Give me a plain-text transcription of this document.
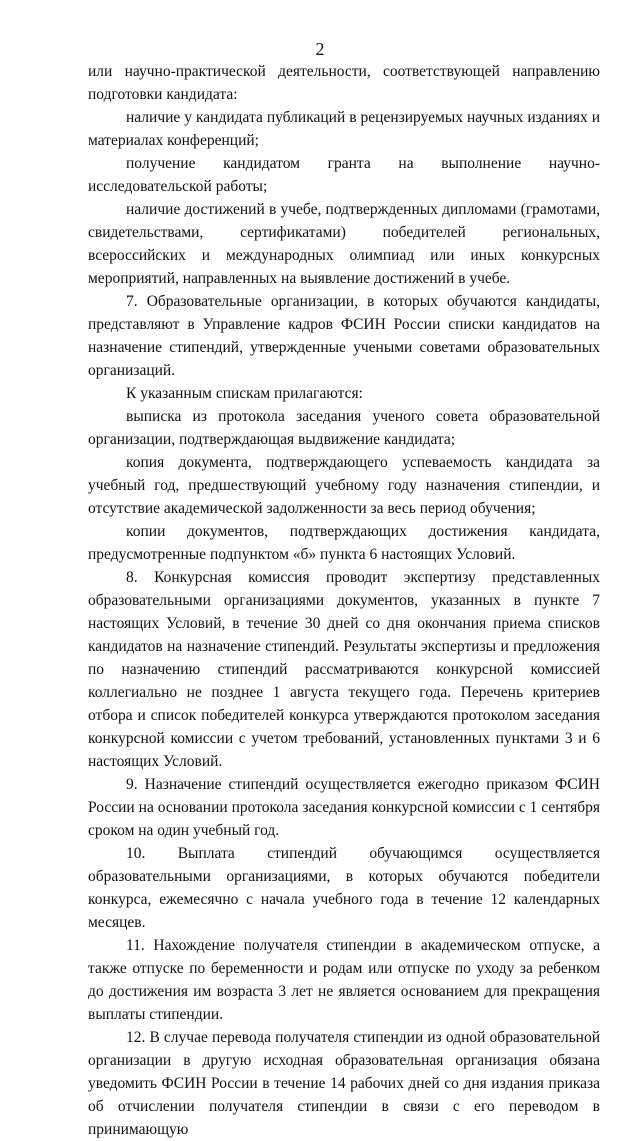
2

или научно-практической деятельности, соответствующей направлению подготовки кандидата:

наличие у кандидата публикаций в рецензируемых научных изданиях и материалах конференций;

получение кандидатом гранта на выполнение научно-исследовательской работы;

наличие достижений в учебе, подтвержденных дипломами (грамотами, свидетельствами, сертификатами) победителей региональных, всероссийских и международных олимпиад или иных конкурсных мероприятий, направленных на выявление достижений в учебе.

7. Образовательные организации, в которых обучаются кандидаты, представляют в Управление кадров ФСИН России списки кандидатов на назначение стипендий, утвержденные учеными советами образовательных организаций.

К указанным спискам прилагаются:

выписка из протокола заседания ученого совета образовательной организации, подтверждающая выдвижение кандидата;

копия документа, подтверждающего успеваемость кандидата за учебный год, предшествующий учебному году назначения стипендии, и отсутствие академической задолженности за весь период обучения;

копии документов, подтверждающих достижения кандидата, предусмотренные подпунктом «б» пункта 6 настоящих Условий.

8. Конкурсная комиссия проводит экспертизу представленных образовательными организациями документов, указанных в пункте 7 настоящих Условий, в течение 30 дней со дня окончания приема списков кандидатов на назначение стипендий. Результаты экспертизы и предложения по назначению стипендий рассматриваются конкурсной комиссией коллегиально не позднее 1 августа текущего года. Перечень критериев отбора и список победителей конкурса утверждаются протоколом заседания конкурсной комиссии с учетом требований, установленных пунктами 3 и 6 настоящих Условий.

9. Назначение стипендий осуществляется ежегодно приказом ФСИН России на основании протокола заседания конкурсной комиссии с 1 сентября сроком на один учебный год.

10. Выплата стипендий обучающимся осуществляется образовательными организациями, в которых обучаются победители конкурса, ежемесячно с начала учебного года в течение 12 календарных месяцев.

11. Нахождение получателя стипендии в академическом отпуске, а также отпуске по беременности и родам или отпуске по уходу за ребенком до достижения им возраста 3 лет не является основанием для прекращения выплаты стипендии.

12. В случае перевода получателя стипендии из одной образовательной организации в другую исходная образовательная организация обязана уведомить ФСИН России в течение 14 рабочих дней со дня издания приказа об отчислении получателя стипендии в связи с его переводом в принимающую
